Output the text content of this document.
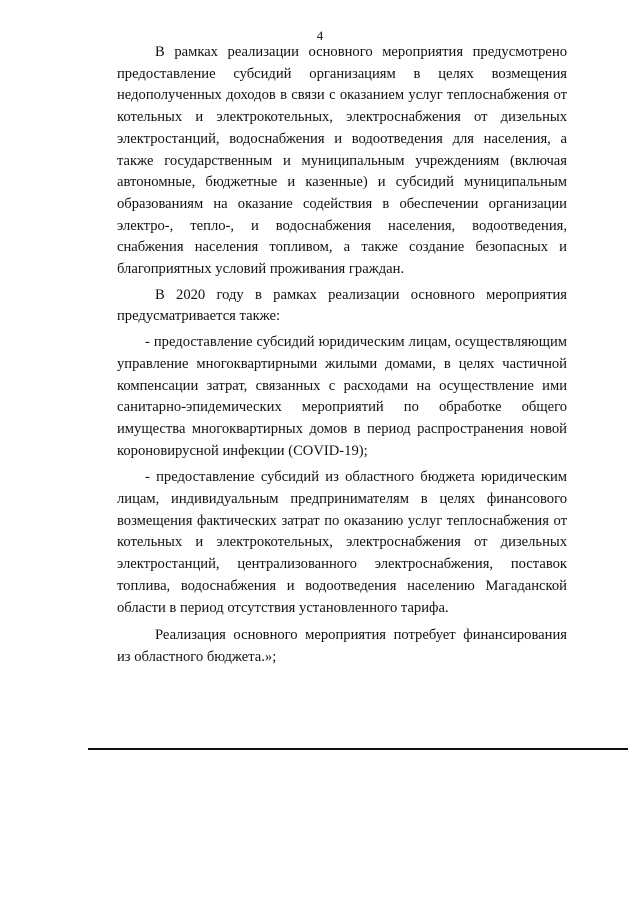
4

В рамках реализации основного мероприятия предусмотрено предоставление субсидий организациям в целях возмещения недополученных доходов в связи с оказанием услуг теплоснабжения от котельных и электрокотельных, электроснабжения от дизельных электростанций, водоснабжения и водоотведения для населения, а также государственным и муниципальным учреждениям (включая автономные, бюджетные и казенные) и субсидий муниципальным образованиям на оказание содействия в обеспечении организации электро-, тепло-, и водоснабжения населения, водоотведения, снабжения населения топливом, а также создание безопасных и благоприятных условий проживания граждан.

В 2020 году в рамках реализации основного мероприятия предусматривается также:

- предоставление субсидий юридическим лицам, осуществляющим управление многоквартирными жилыми домами, в целях частичной компенсации затрат, связанных с расходами на осуществление ими санитарно-эпидемических мероприятий по обработке общего имущества многоквартирных домов в период распространения новой короновирусной инфекции (COVID-19);

- предоставление субсидий из областного бюджета юридическим лицам, индивидуальным предпринимателям в целях финансового возмещения фактических затрат по оказанию услуг теплоснабжения от котельных и электрокотельных, электроснабжения от дизельных электростанций, централизованного электроснабжения, поставок топлива, водоснабжения и водоотведения населению Магаданской области в период отсутствия установленного тарифа.

Реализация основного мероприятия потребует финансирования из областного бюджета.»;
